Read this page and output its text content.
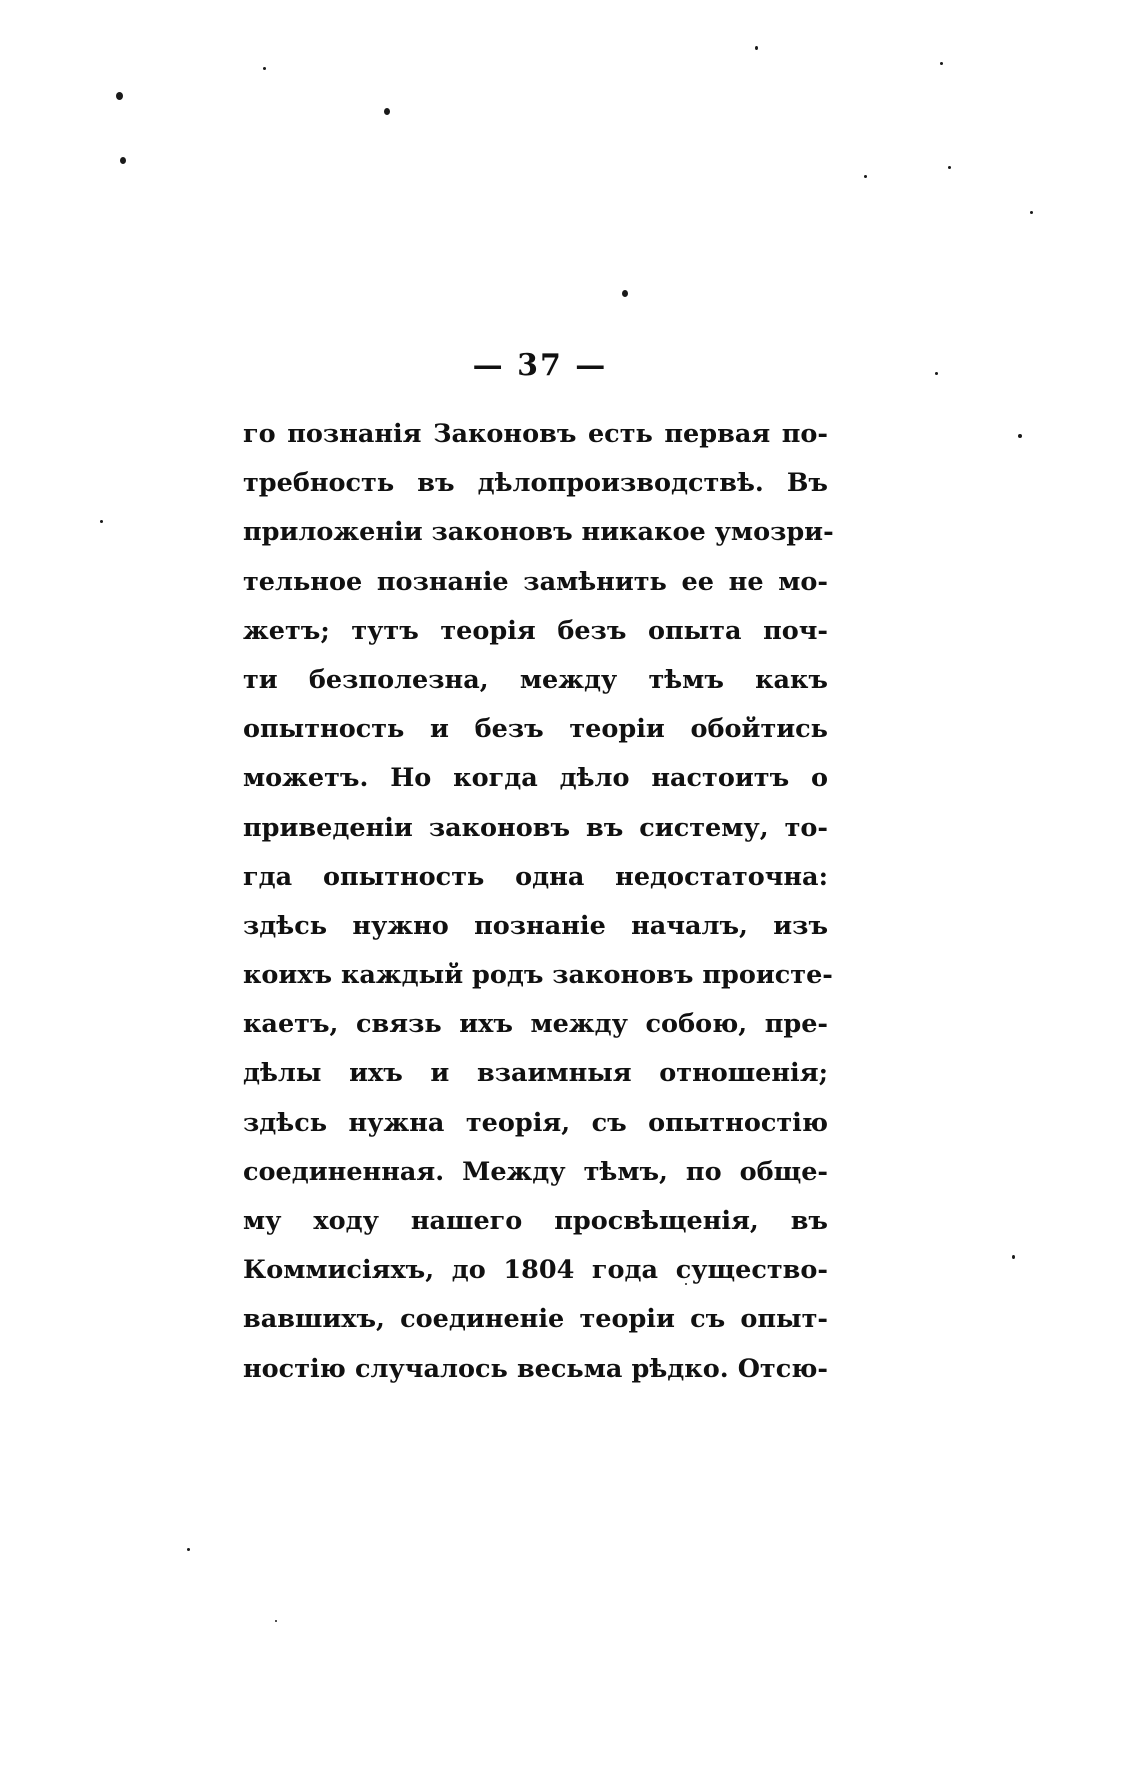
— 37 —
го познанія Законовъ есть первая по-
требность въ дѣлопроизводствѣ. Въ
приложеніи законовъ никакое умозри-
тельное познаніе замѣнить ее не мо-
жетъ; тутъ теорія безъ опыта поч-
ти безполезна, между тѣмъ какъ
опытность и безъ теоріи обойтись
можетъ. Но когда дѣло настоитъ о
приведеніи законовъ въ систему, то-
гда опытность одна недостаточна:
здѣсь нужно познаніе началъ, изъ
коихъ каждый родъ законовъ проистe-
каетъ, связь ихъ между собою, пре-
дѣлы ихъ и взаимныя отношенія;
здѣсь нужна теорія, съ опытностію
соединенная. Между тѣмъ, по обще-
му ходу нашего просвѣщенія, въ
Коммисіяхъ, до 1804 года существо-
вавшихъ, соединеніе теоріи съ опыт-
ностію случалось весьма рѣдко. Отсю-
